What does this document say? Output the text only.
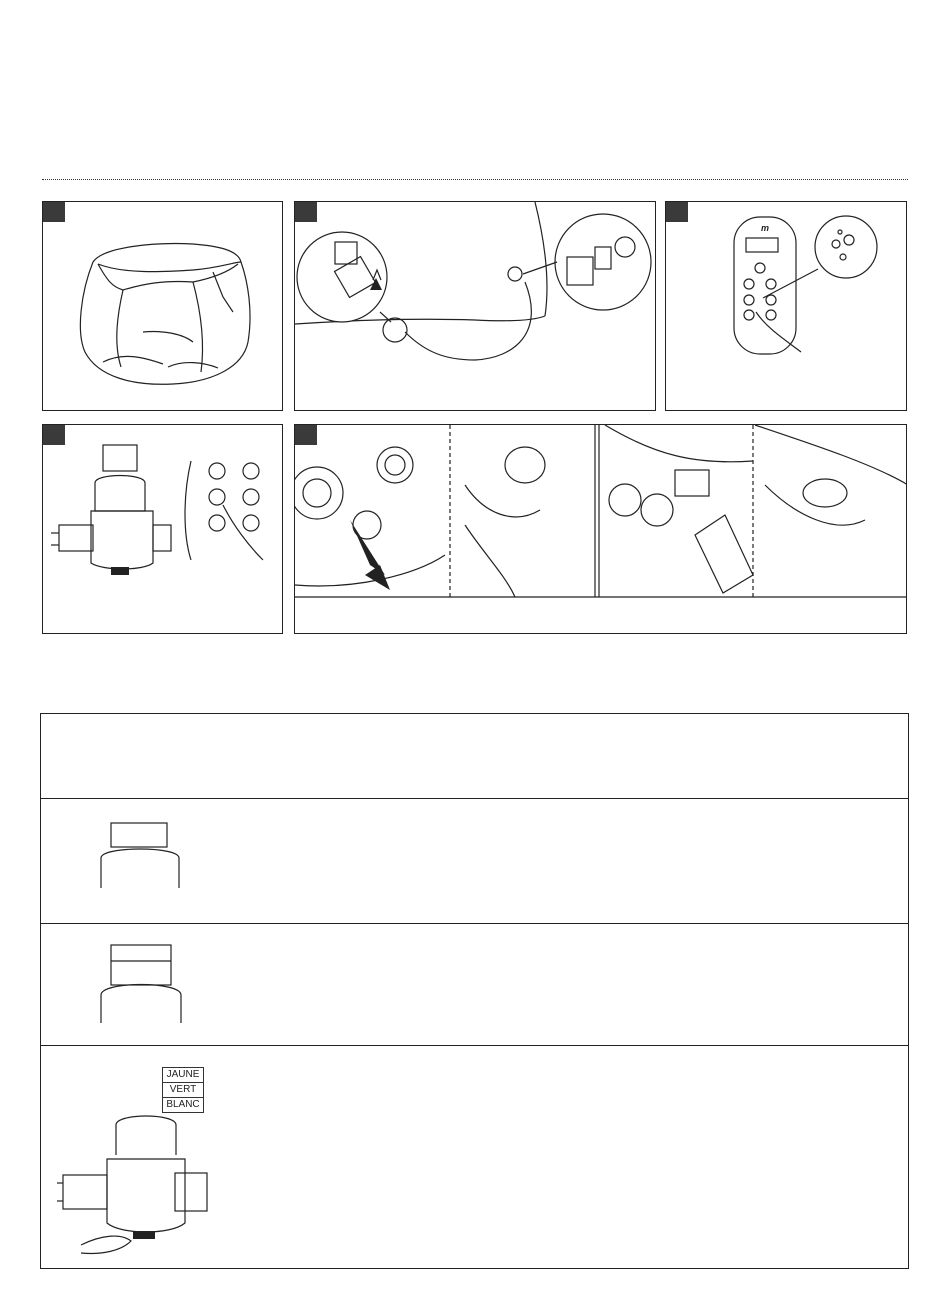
m
JAUNE
VERT
BLANC
